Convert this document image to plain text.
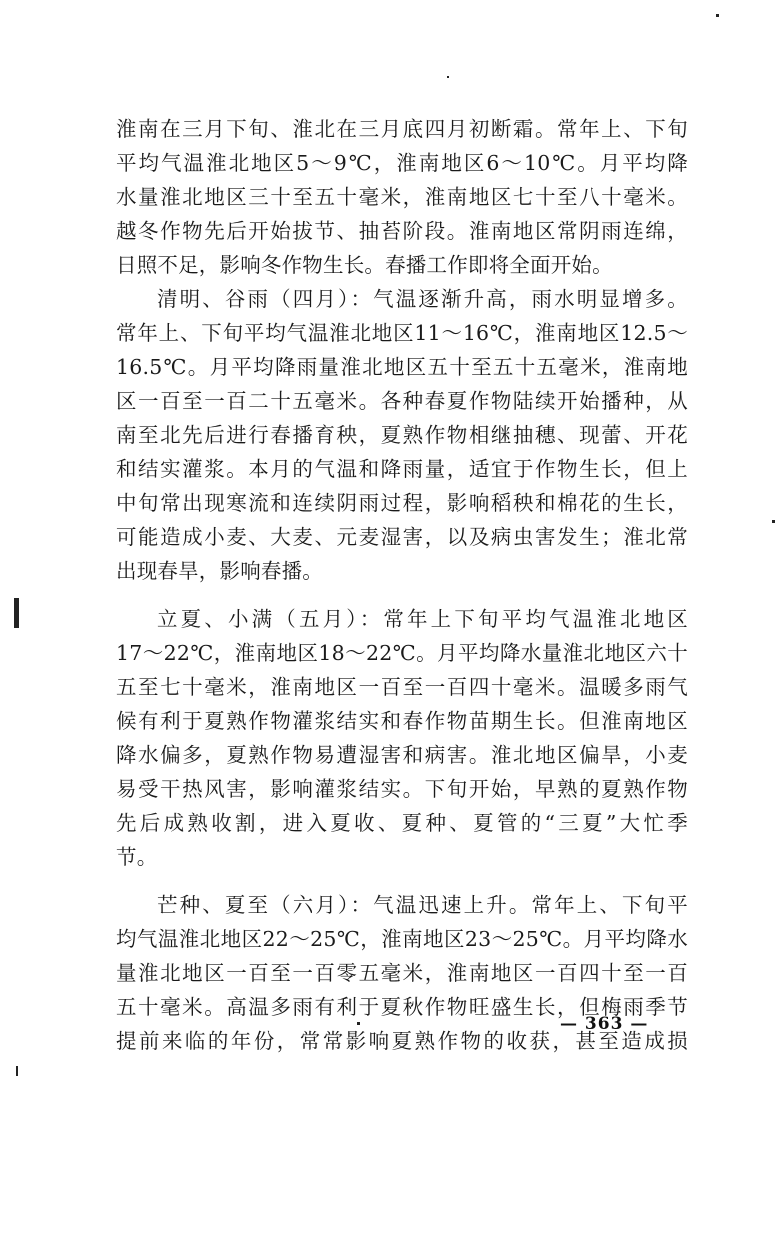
淮南在三月下旬、淮北在三月底四月初断霜。常年上、下旬
平均气温淮北地区5～9℃，淮南地区6～10℃。月平均降
水量淮北地区三十至五十毫米，淮南地区七十至八十毫米。
越冬作物先后开始拔节、抽苔阶段。淮南地区常阴雨连绵，
日照不足，影响冬作物生长。春播工作即将全面开始。

清明、谷雨（四月）：气温逐渐升高，雨水明显增多。
常年上、下旬平均气温淮北地区11～16℃，淮南地区12.5～
16.5℃。月平均降雨量淮北地区五十至五十五毫米，淮南地
区一百至一百二十五毫米。各种春夏作物陆续开始播种，从
南至北先后进行春播育秧，夏熟作物相继抽穗、现蕾、开花
和结实灌浆。本月的气温和降雨量，适宜于作物生长，但上
中旬常出现寒流和连续阴雨过程，影响稻秧和棉花的生长，
可能造成小麦、大麦、元麦湿害，以及病虫害发生；淮北常
出现春旱，影响春播。

立夏、小满（五月）：常年上下旬平均气温淮北地区
17～22℃，淮南地区18～22℃。月平均降水量淮北地区六十
五至七十毫米，淮南地区一百至一百四十毫米。温暖多雨气
候有利于夏熟作物灌浆结实和春作物苗期生长。但淮南地区
降水偏多，夏熟作物易遭湿害和病害。淮北地区偏旱，小麦
易受干热风害，影响灌浆结实。下旬开始，早熟的夏熟作物
先后成熟收割，进入夏收、夏种、夏管的“三夏”大忙季
节。

芒种、夏至（六月）：气温迅速上升。常年上、下旬平
均气温淮北地区22～25℃，淮南地区23～25℃。月平均降水
量淮北地区一百至一百零五毫米，淮南地区一百四十至一百
五十毫米。高温多雨有利于夏秋作物旺盛生长，但梅雨季节
提前来临的年份，常常影响夏熟作物的收获，甚至造成损

— 363 —
